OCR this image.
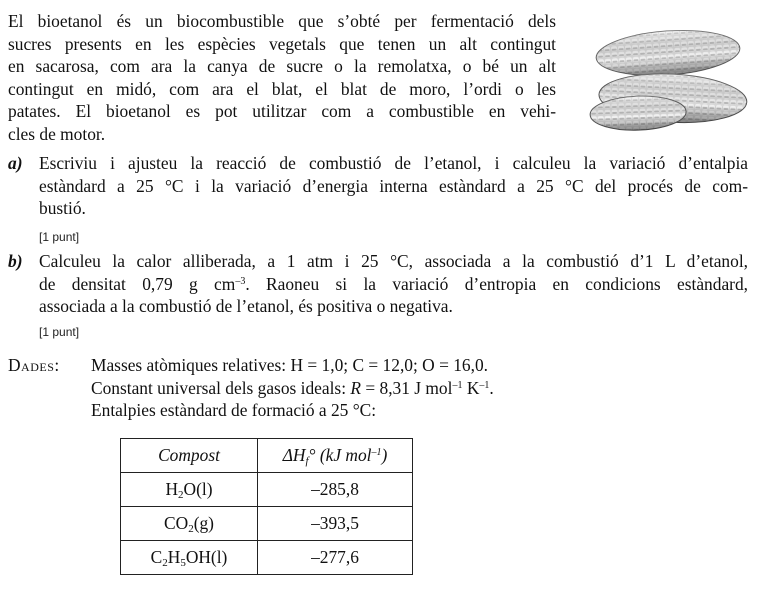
El bioetanol és un biocombustible que s’obté per fermentació dels
sucres presents en les espècies vegetals que tenen un alt contingut
en sacarosa, com ara la canya de sucre o la remolatxa, o bé un alt
contingut en midó, com ara el blat, el blat de moro, l’ordi o les
patates. El bioetanol es pot utilitzar com a combustible en vehi-
cles de motor.
a) Escriviu i ajusteu la reacció de combustió de l’etanol, i calculeu la variació d’entalpia
estàndard a 25 °C i la variació d’energia interna estàndard a 25 °C del procés de com-
bustió.
[1 punt]
b) Calculeu la calor alliberada, a 1 atm i 25 °C, associada a la combustió d’1 L d’etanol,
de densitat 0,79 g $cm^{-3}$. Raoneu si la variació d’entropia en condicions estàndard,
associada a la combustió de l’etanol, és positiva o negativa.
[1 punt]
Dades: Masses atòmiques relatives: H = 1,0; C = 12,0; O = 16,0.
Constant universal dels gasos ideals: R = 8,31 J mol$^{-1}$ $K^{-1}$.
Entalpies estàndard de formació a 25 °C:
Compost	$\Delta H_f^\circ$ (kJ mol$^{-1}$)
$H_2O(l)$	–285,8
$CO_2(g)$	–393,5
$C_2H_5OH(l)$	–277,6
